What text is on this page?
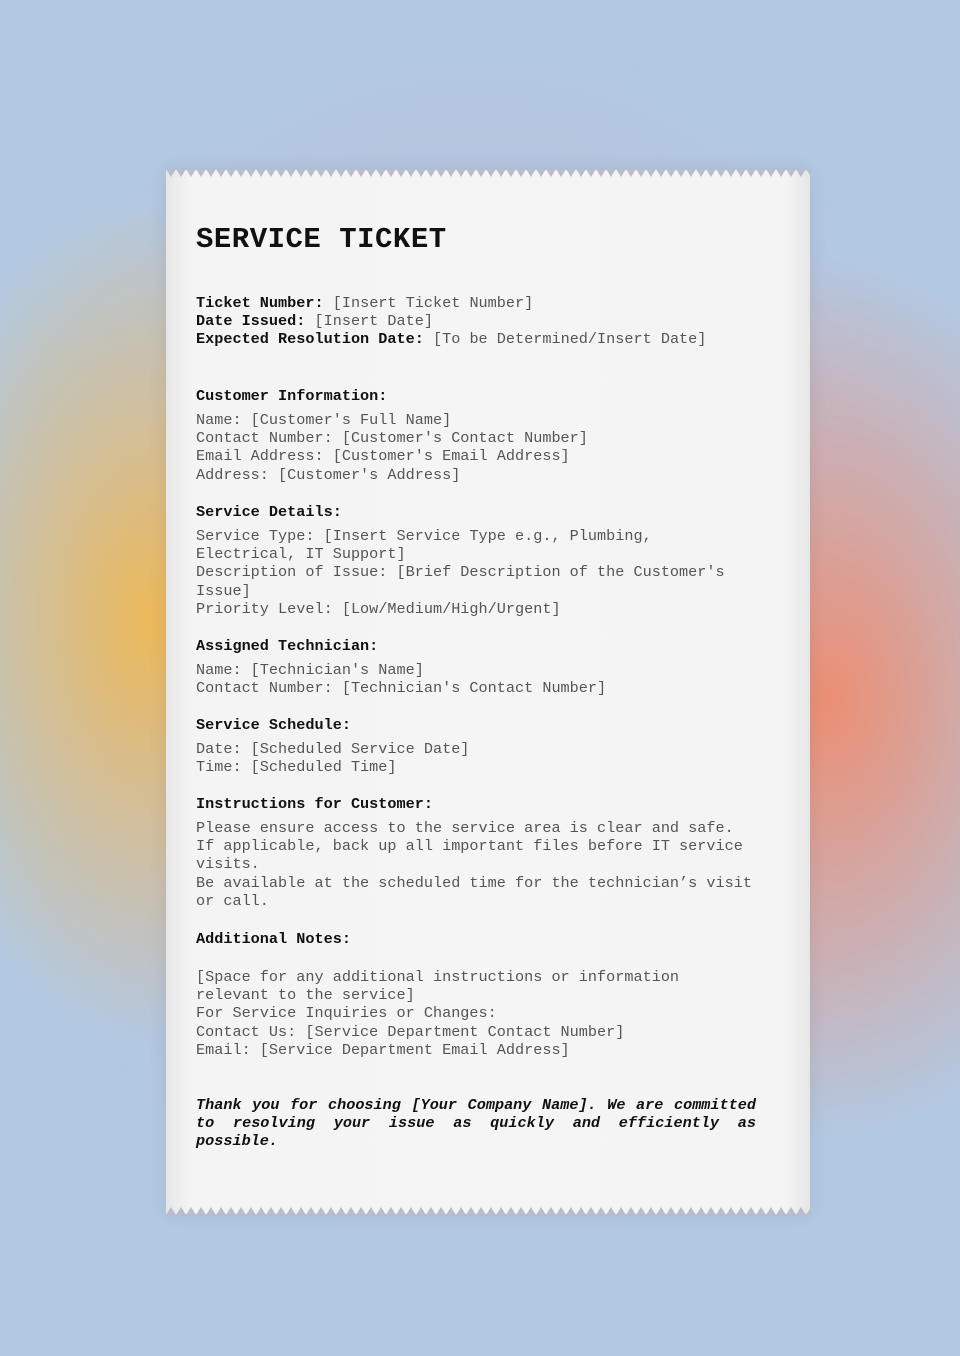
SERVICE TICKET
Ticket Number: [Insert Ticket Number]
Date Issued: [Insert Date]
Expected Resolution Date: [To be Determined/Insert Date]
Customer Information:
Name: [Customer's Full Name]
Contact Number: [Customer's Contact Number]
Email Address: [Customer's Email Address]
Address: [Customer's Address]
Service Details:
Service Type: [Insert Service Type e.g., Plumbing, Electrical, IT Support]
Description of Issue: [Brief Description of the Customer's Issue]
Priority Level: [Low/Medium/High/Urgent]
Assigned Technician:
Name: [Technician's Name]
Contact Number: [Technician's Contact Number]
Service Schedule:
Date: [Scheduled Service Date]
Time: [Scheduled Time]
Instructions for Customer:
Please ensure access to the service area is clear and safe.
If applicable, back up all important files before IT service visits.
Be available at the scheduled time for the technician’s visit or call.
Additional Notes:
[Space for any additional instructions or information relevant to the service]
For Service Inquiries or Changes:
Contact Us: [Service Department Contact Number]
Email: [Service Department Email Address]
Thank you for choosing [Your Company Name]. We are committed to resolving your issue as quickly and efficiently as possible.
